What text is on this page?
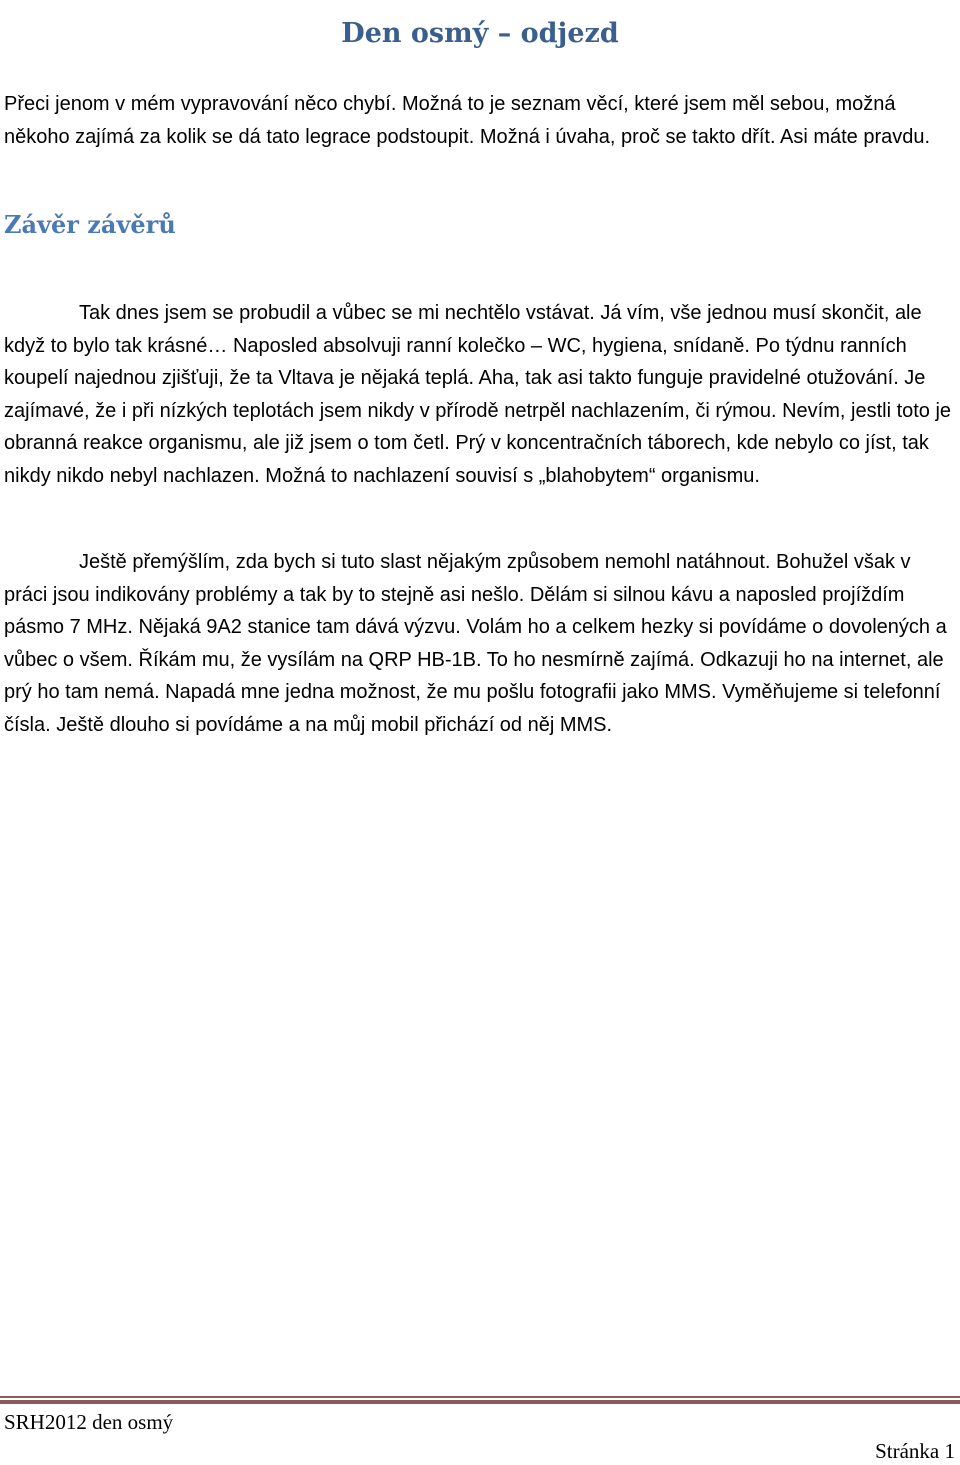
Den osmý – odjezd

Přeci jenom v mém vypravování něco chybí. Možná to je seznam věcí, které jsem měl sebou, možná někoho zajímá za kolik se dá tato legrace podstoupit. Možná i úvaha, proč se takto dřít. Asi máte pravdu.

Závěr závěrů

Tak dnes jsem se probudil a vůbec se mi nechtělo vstávat. Já vím, vše jednou musí skončit, ale když to bylo tak krásné… Naposled absolvuji ranní kolečko – WC, hygiena, snídaně. Po týdnu ranních koupelí najednou zjišťuji, že ta Vltava je nějaká teplá. Aha, tak asi takto funguje pravidelné otužování. Je zajímavé, že i při nízkých teplotách jsem nikdy v přírodě netrpěl nachlazením, či rýmou. Nevím, jestli toto je obranná reakce organismu, ale již jsem o tom četl. Prý v koncentračních táborech, kde nebylo co jíst, tak nikdy nikdo nebyl nachlazen. Možná to nachlazení souvisí s „blahobytem“ organismu.

Ještě přemýšlím, zda bych si tuto slast nějakým způsobem nemohl natáhnout. Bohužel však v práci jsou indikovány problémy a tak by to stejně asi nešlo. Dělám si silnou kávu a naposled projíždím pásmo 7 MHz. Nějaká 9A2 stanice tam dává výzvu. Volám ho a celkem hezky si povídáme o dovolených a vůbec o všem. Říkám mu, že vysílám na QRP HB-1B. To ho nesmírně zajímá. Odkazuji ho na internet, ale prý ho tam nemá. Napadá mne jedna možnost, že mu pošlu fotografii jako MMS. Vyměňujeme si telefonní čísla. Ještě dlouho si povídáme a na můj mobil přichází od něj MMS.

SRH2012 den osmý
Stránka 1
